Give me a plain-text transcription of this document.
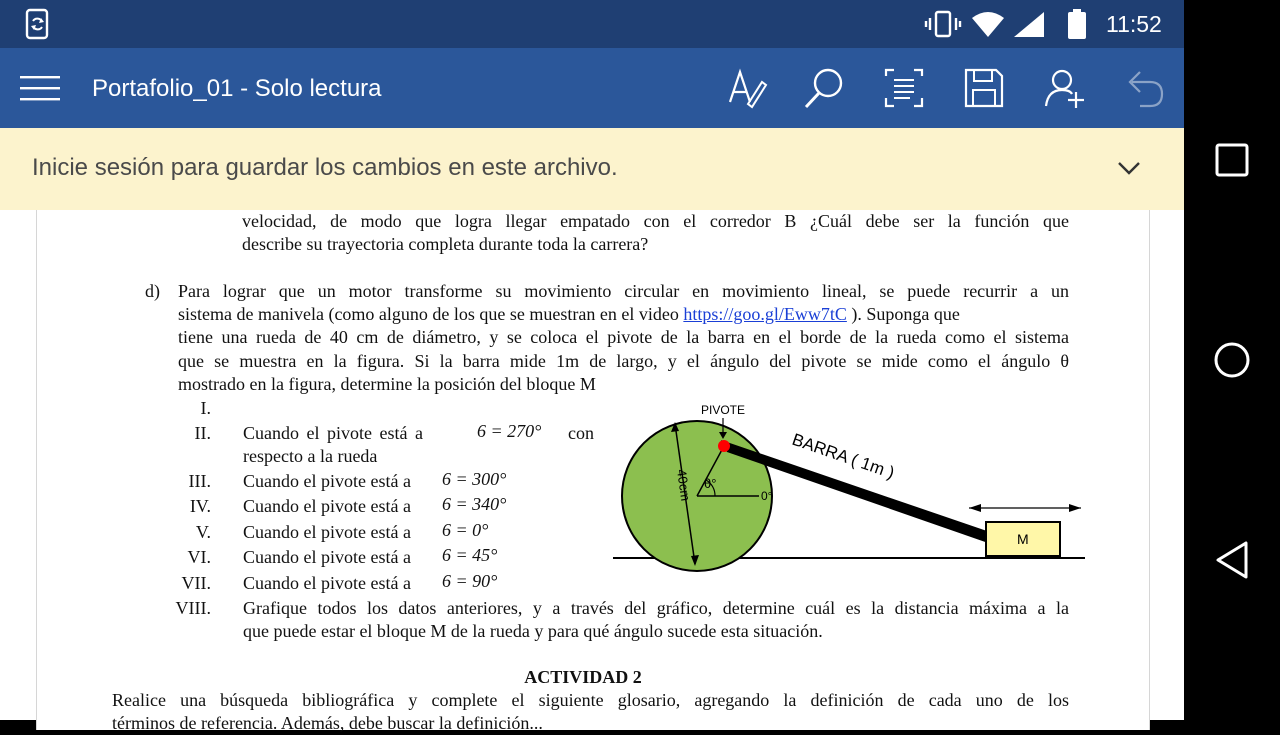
11:52
Portafolio_01 - Solo lectura
Inicie sesión para guardar los cambios en este archivo.
velocidad, de modo que logra llegar empatado con el corredor B ¿Cuál debe ser la función que
describe su trayectoria completa durante toda la carrera?
d) Para lograr que un motor transforme su movimiento circular en movimiento lineal, se puede recurrir a un
sistema de manivela (como alguno de los que se muestran en el video https://goo.gl/Eww7tC ). Suponga que
tiene una rueda de 40 cm de diámetro, y se coloca el pivote de la barra en el borde de la rueda como el sistema
que se muestra en la figura. Si la barra mide 1m de largo, y el ángulo del pivote se mide como el ángulo θ
mostrado en la figura, determine la posición del bloque M
I.
II. Cuando el pivote está a	6 = 270° con
respecto a la rueda
III. Cuando el pivote está a 6 = 300°
IV. Cuando el pivote está a 6 = 340°
V. Cuando el pivote está a 6 = 0°
VI. Cuando el pivote está a 6 = 45°
VII. Cuando el pivote está a 6 = 90°
VIII. Grafique todos los datos anteriores, y a través del gráfico, determine cuál es la distancia máxima a la
que puede estar el bloque M de la rueda y para qué ángulo sucede esta situación.
ACTIVIDAD 2
Realice una búsqueda bibliográfica y complete el siguiente glosario, agregando la definición de cada uno de los
términos de referencia. Además, debe buscar la definición...
PIVOTE
BARRA ( 1m )
θ°
0°
40cm
M
